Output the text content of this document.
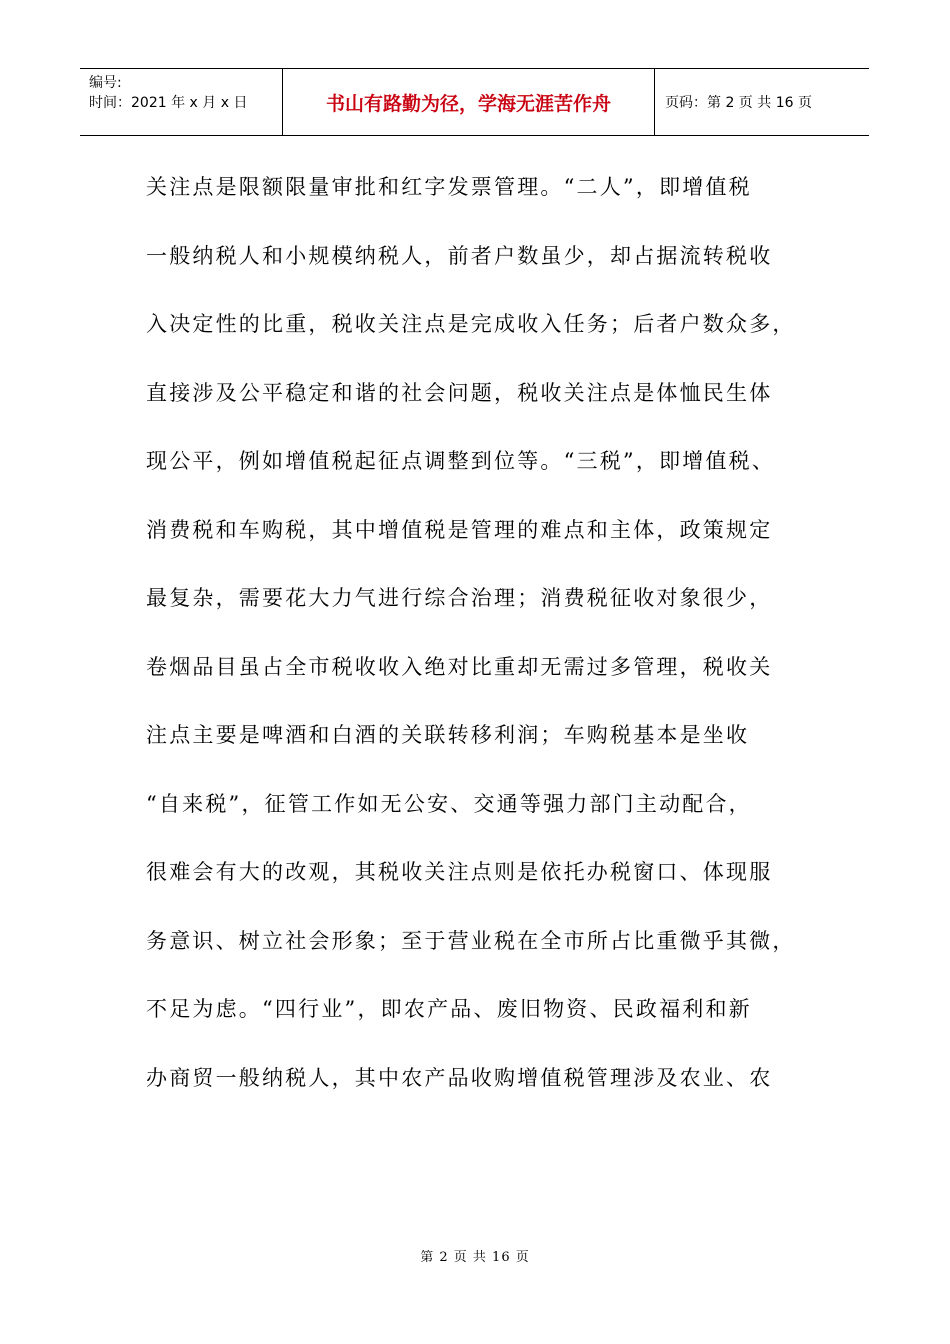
编号:
时间：2021 年 x 月 x 日	书山有路勤为径，学海无涯苦作舟	页码：第 2 页 共 16 页
关注点是限额限量审批和红字发票管理。“二人”，即增值税
一般纳税人和小规模纳税人，前者户数虽少，却占据流转税收
入决定性的比重，税收关注点是完成收入任务；后者户数众多，
直接涉及公平稳定和谐的社会问题，税收关注点是体恤民生体
现公平，例如增值税起征点调整到位等。“三税”，即增值税、
消费税和车购税，其中增值税是管理的难点和主体，政策规定
最复杂，需要花大力气进行综合治理；消费税征收对象很少，
卷烟品目虽占全市税收收入绝对比重却无需过多管理，税收关
注点主要是啤酒和白酒的关联转移利润；车购税基本是坐收
“自来税”，征管工作如无公安、交通等强力部门主动配合，
很难会有大的改观，其税收关注点则是依托办税窗口、体现服
务意识、树立社会形象；至于营业税在全市所占比重微乎其微，
不足为虑。“四行业”，即农产品、废旧物资、民政福利和新
办商贸一般纳税人，其中农产品收购增值税管理涉及农业、农
第 2 页 共 16 页
